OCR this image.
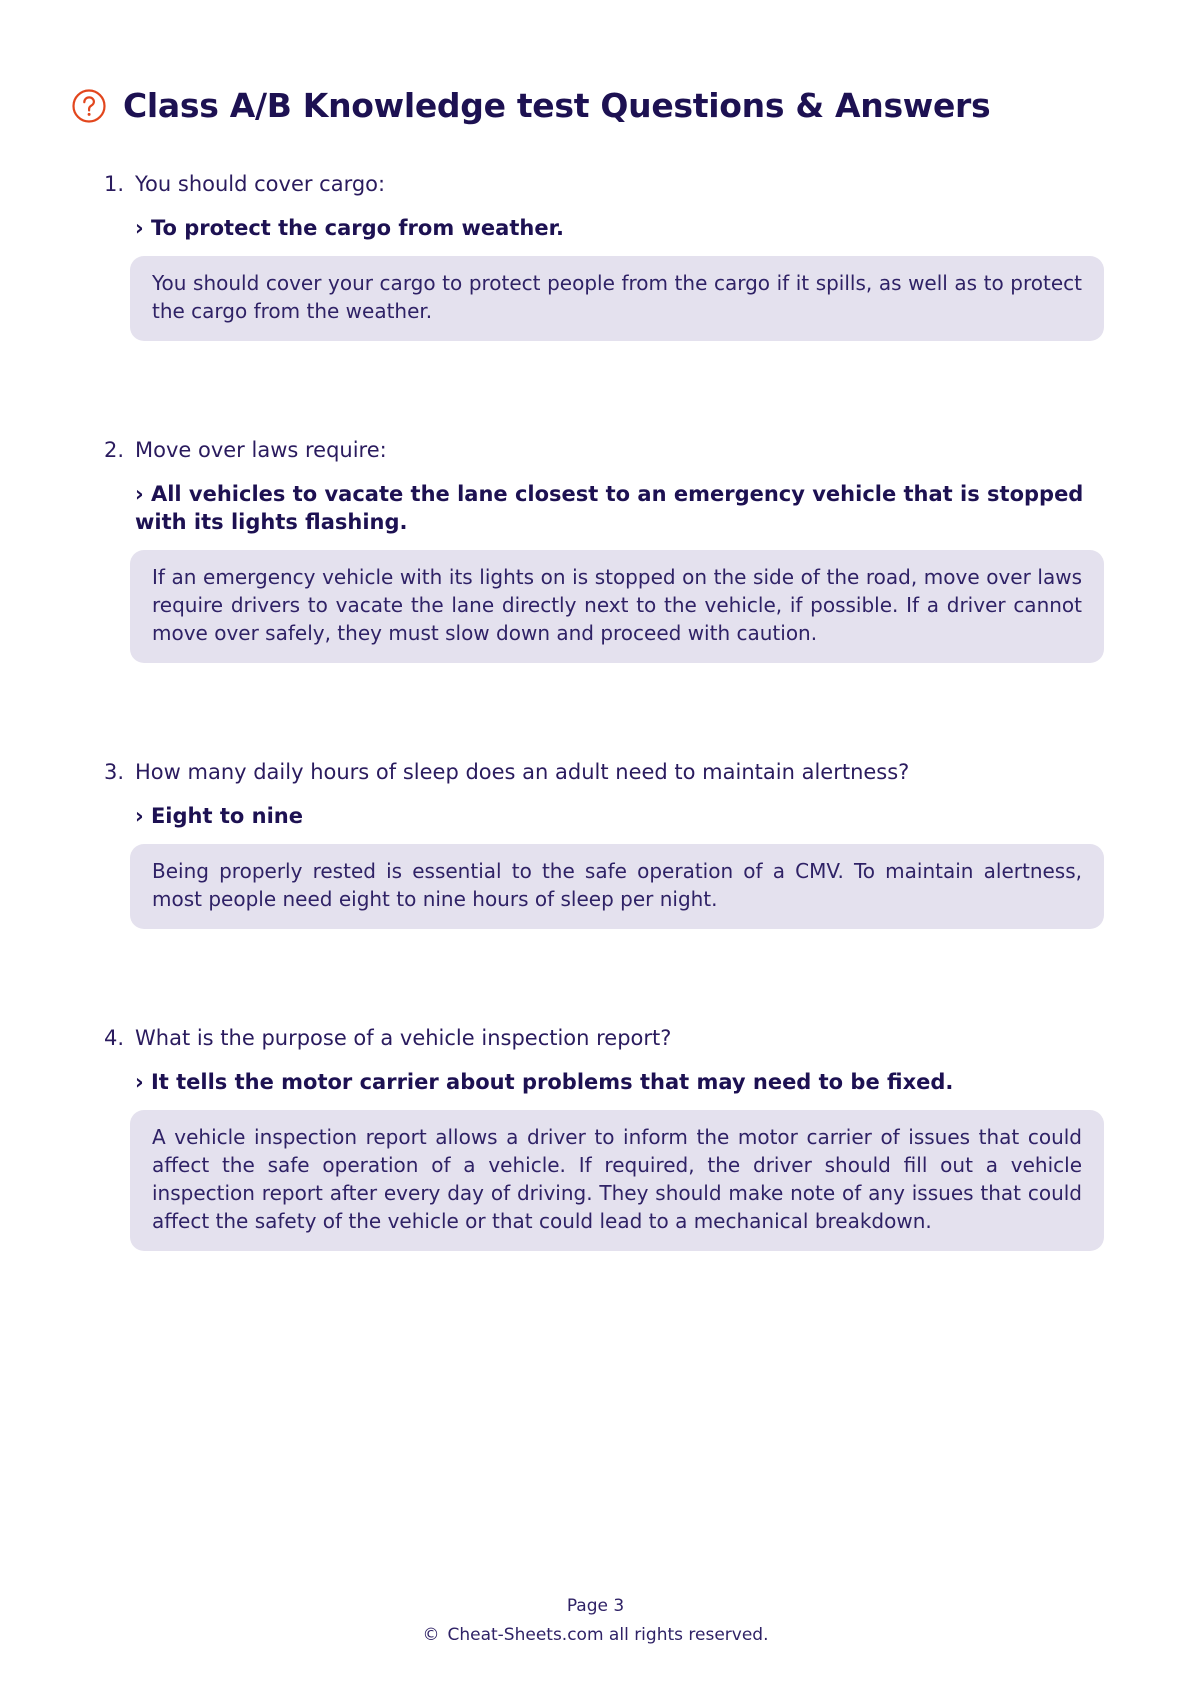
Class A/B Knowledge test Questions & Answers
1. You should cover cargo:
› To protect the cargo from weather.
You should cover your cargo to protect people from the cargo if it spills, as well as to protect the cargo from the weather.
2. Move over laws require:
› All vehicles to vacate the lane closest to an emergency vehicle that is stopped with its lights flashing.
If an emergency vehicle with its lights on is stopped on the side of the road, move over laws require drivers to vacate the lane directly next to the vehicle, if possible. If a driver cannot move over safely, they must slow down and proceed with caution.
3. How many daily hours of sleep does an adult need to maintain alertness?
› Eight to nine
Being properly rested is essential to the safe operation of a CMV. To maintain alertness, most people need eight to nine hours of sleep per night.
4. What is the purpose of a vehicle inspection report?
› It tells the motor carrier about problems that may need to be fixed.
A vehicle inspection report allows a driver to inform the motor carrier of issues that could affect the safe operation of a vehicle. If required, the driver should fill out a vehicle inspection report after every day of driving. They should make note of any issues that could affect the safety of the vehicle or that could lead to a mechanical breakdown.
Page 3
© Cheat-Sheets.com all rights reserved.
